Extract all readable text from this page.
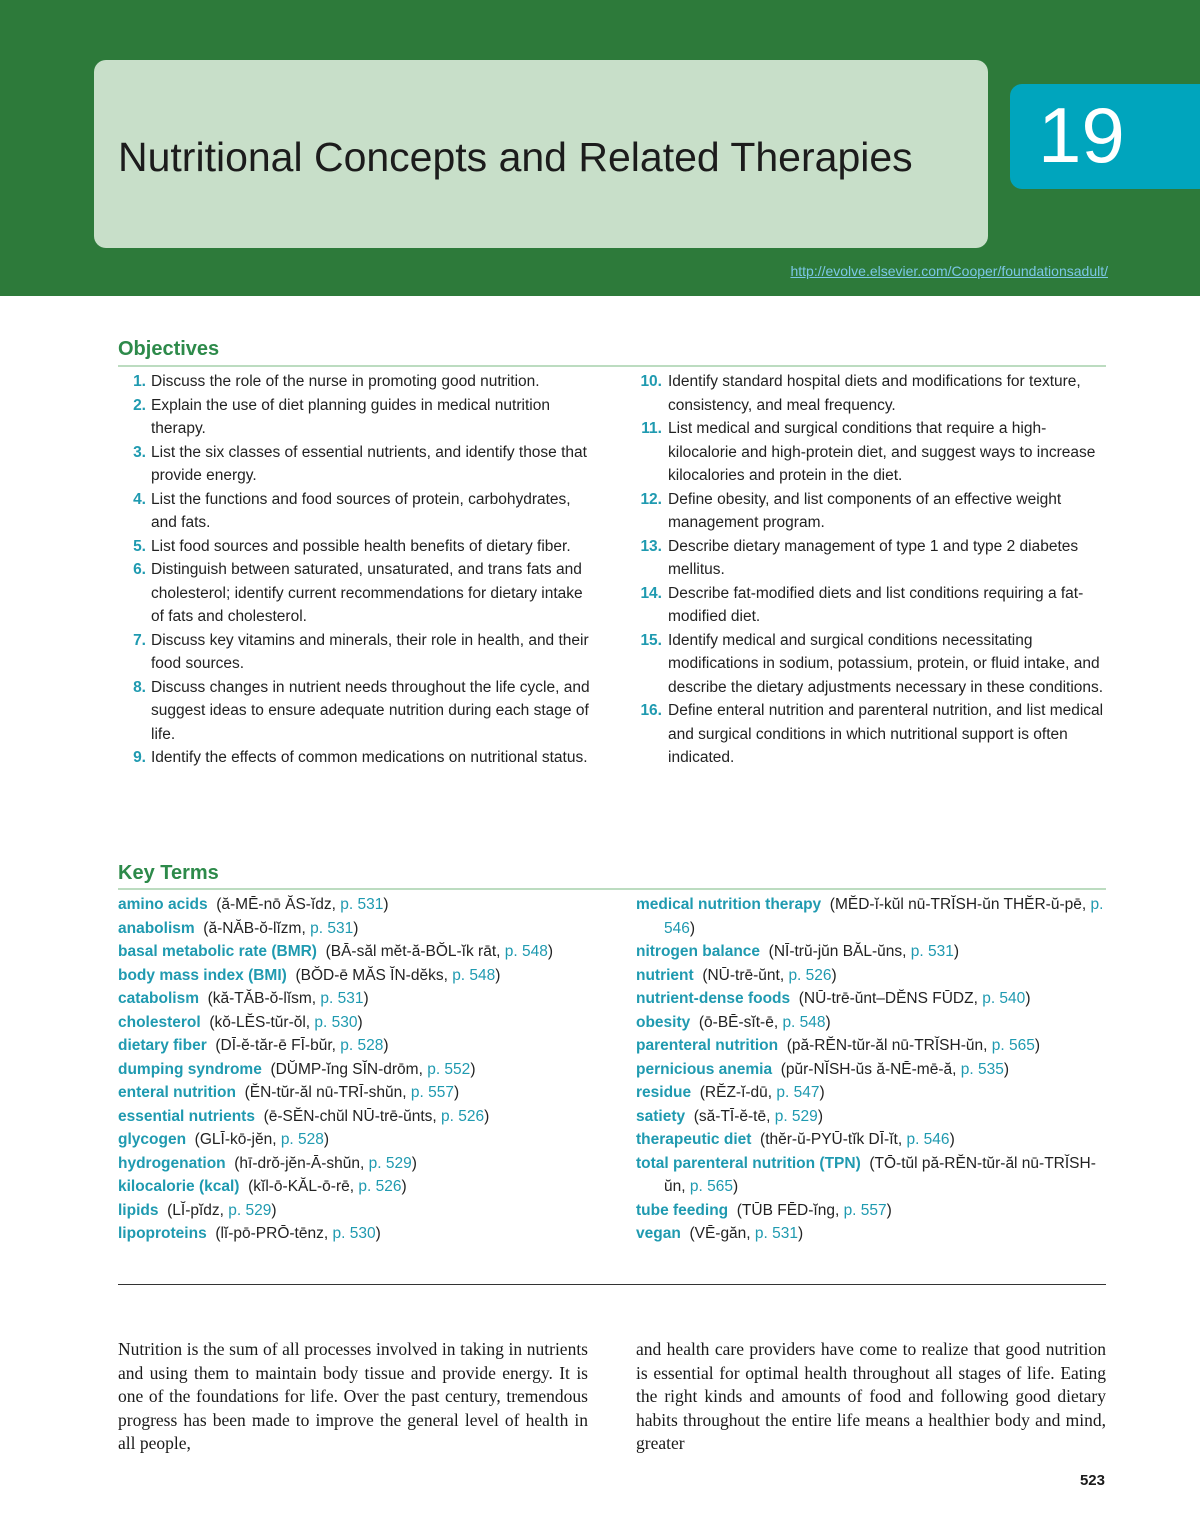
Nutritional Concepts and Related Therapies 19
http://evolve.elsevier.com/Cooper/foundationsadult/
Objectives
1. Discuss the role of the nurse in promoting good nutrition.
2. Explain the use of diet planning guides in medical nutrition therapy.
3. List the six classes of essential nutrients, and identify those that provide energy.
4. List the functions and food sources of protein, carbohydrates, and fats.
5. List food sources and possible health benefits of dietary fiber.
6. Distinguish between saturated, unsaturated, and trans fats and cholesterol; identify current recommendations for dietary intake of fats and cholesterol.
7. Discuss key vitamins and minerals, their role in health, and their food sources.
8. Discuss changes in nutrient needs throughout the life cycle, and suggest ideas to ensure adequate nutrition during each stage of life.
9. Identify the effects of common medications on nutritional status.
10. Identify standard hospital diets and modifications for texture, consistency, and meal frequency.
11. List medical and surgical conditions that require a high-kilocalorie and high-protein diet, and suggest ways to increase kilocalories and protein in the diet.
12. Define obesity, and list components of an effective weight management program.
13. Describe dietary management of type 1 and type 2 diabetes mellitus.
14. Describe fat-modified diets and list conditions requiring a fat-modified diet.
15. Identify medical and surgical conditions necessitating modifications in sodium, potassium, protein, or fluid intake, and describe the dietary adjustments necessary in these conditions.
16. Define enteral nutrition and parenteral nutrition, and list medical and surgical conditions in which nutritional support is often indicated.
Key Terms
amino acids (ă-MĒ-nō ĂS-ĭdz, p. 531)
anabolism (ă-NĂB-ŏ-lĭzm, p. 531)
basal metabolic rate (BMR) (BĀ-săl mĕt-ă-BŎL-ĭk rāt, p. 548)
body mass index (BMI) (BŎD-ē MĂS ĬN-dĕks, p. 548)
catabolism (kă-TĂB-ŏ-lĭsm, p. 531)
cholesterol (kŏ-LĔS-tŭr-ŏl, p. 530)
dietary fiber (DĪ-ĕ-tăr-ē FĪ-bŭr, p. 528)
dumping syndrome (DŬMP-ĭng SĬN-drōm, p. 552)
enteral nutrition (ĔN-tŭr-ăl nū-TRĪ-shŭn, p. 557)
essential nutrients (ē-SĔN-chŭl NŪ-trē-ŭnts, p. 526)
glycogen (GLĪ-kō-jĕn, p. 528)
hydrogenation (hī-drŏ-jĕn-Ā-shŭn, p. 529)
kilocalorie (kcal) (kĭl-ō-KĂL-ō-rē, p. 526)
lipids (LĬ-pĭdz, p. 529)
lipoproteins (lĭ-pō-PRŌ-tēnz, p. 530)
medical nutrition therapy (MĔD-ĭ-kŭl nū-TRĬSH-ŭn THĔR-ŭ-pē, p. 546)
nitrogen balance (NĪ-trŭ-jŭn BĂL-ŭns, p. 531)
nutrient (NŪ-trē-ŭnt, p. 526)
nutrient-dense foods (NŪ-trē-ŭnt–DĔNS FŪDZ, p. 540)
obesity (ō-BĒ-sĭt-ē, p. 548)
parenteral nutrition (pă-RĔN-tŭr-ăl nū-TRĬSH-ŭn, p. 565)
pernicious anemia (pŭr-NĬSH-ŭs ă-NĒ-mē-ă, p. 535)
residue (RĔZ-ĭ-dū, p. 547)
satiety (să-TĪ-ĕ-tē, p. 529)
therapeutic diet (thĕr-ŭ-PYŪ-tĭk DĪ-ĭt, p. 546)
total parenteral nutrition (TPN) (TŌ-tŭl pă-RĔN-tŭr-ăl nū-TRĬSH-ŭn, p. 565)
tube feeding (TŪB FĒD-ĭng, p. 557)
vegan (VĒ-găn, p. 531)
Nutrition is the sum of all processes involved in taking in nutrients and using them to maintain body tissue and provide energy. It is one of the foundations for life. Over the past century, tremendous progress has been made to improve the general level of health in all people,
and health care providers have come to realize that good nutrition is essential for optimal health throughout all stages of life. Eating the right kinds and amounts of food and following good dietary habits throughout the entire life means a healthier body and mind, greater
523
